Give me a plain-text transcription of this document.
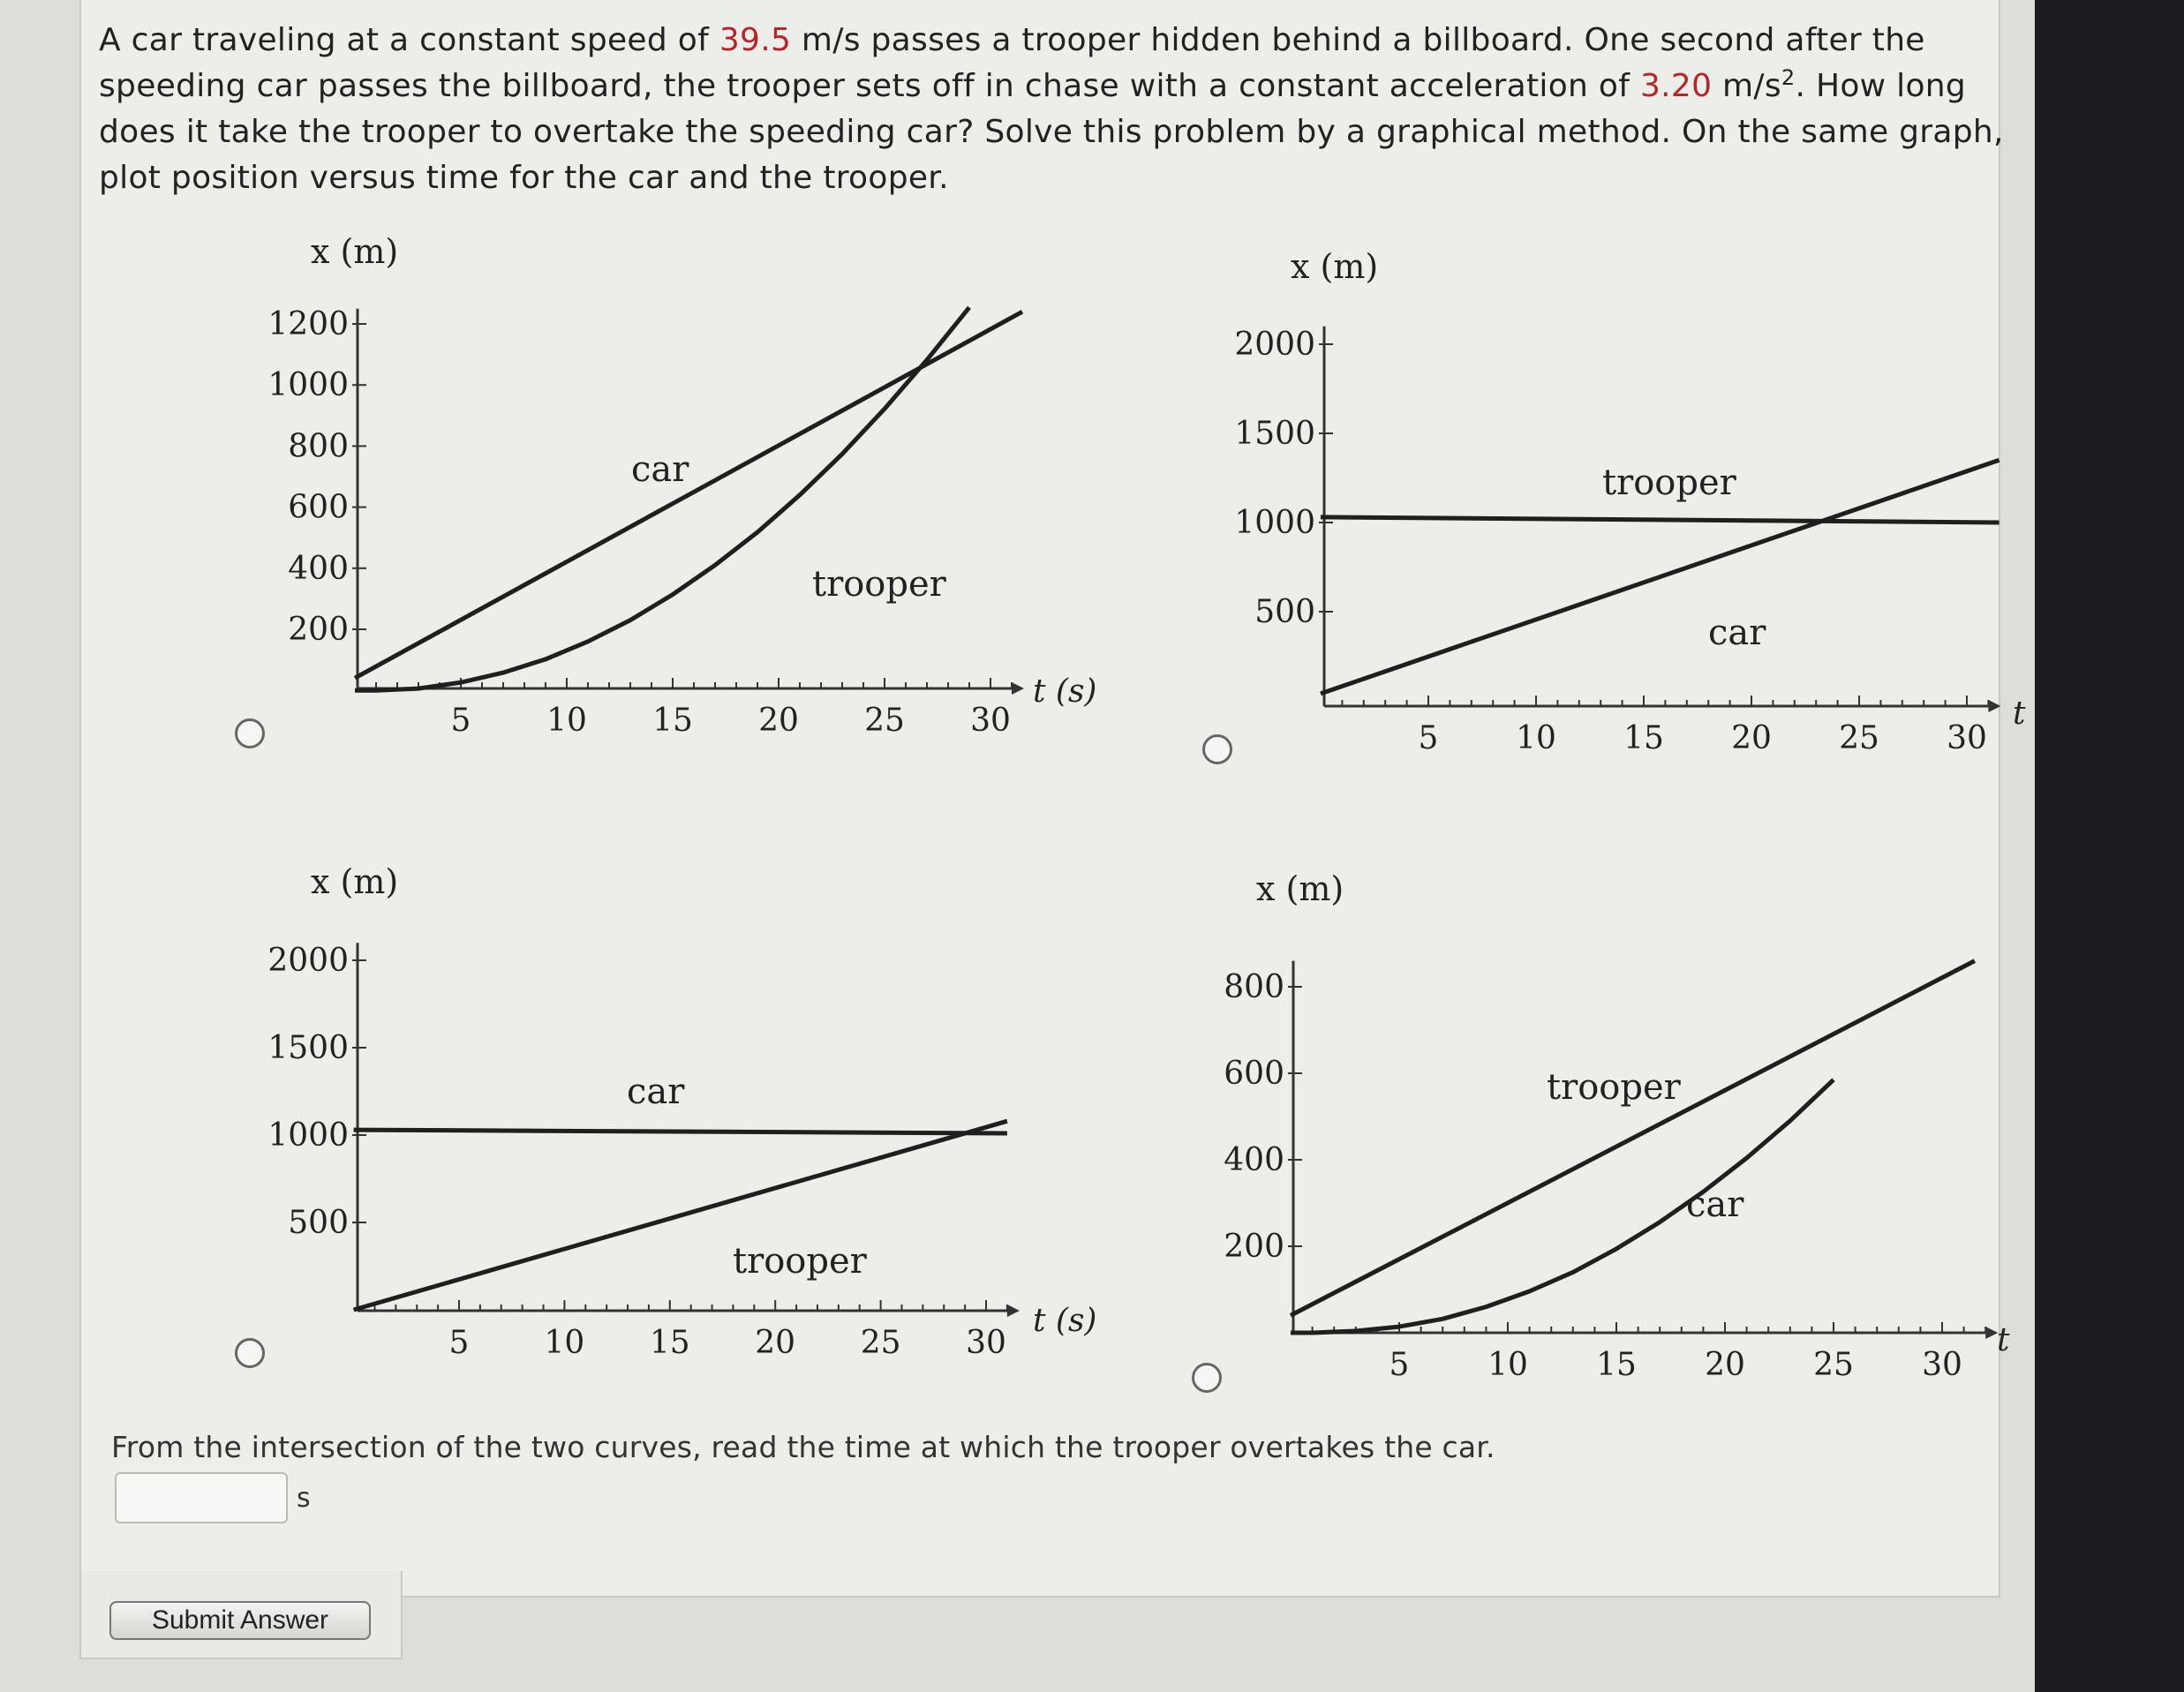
A car traveling at a constant speed of 39.5 m/s passes a trooper hidden behind a billboard. One second after the speeding car passes the billboard, the trooper sets off in chase with a constant acceleration of 3.20 $m/s^2$. How long does it take the trooper to overtake the speeding car? Solve this problem by a graphical method. On the same graph, plot position versus time for the car and the trooper.
5 10 15 20 25 30
200
400
600
800
1000
1200
t (s)
x (m)
car
trooper
5 10 15 20 25 30
500
1000
1500
2000
t
x (m)
trooper
car
5 10 15 20 25 30
500
1000
1500
2000
t (s)
x (m)
car
trooper
5 10 15 20 25 30
200
400
600
800
t
x (m)
trooper
car
From the intersection of the two curves, read the time at which the trooper overtakes the car.
s
Submit Answer
